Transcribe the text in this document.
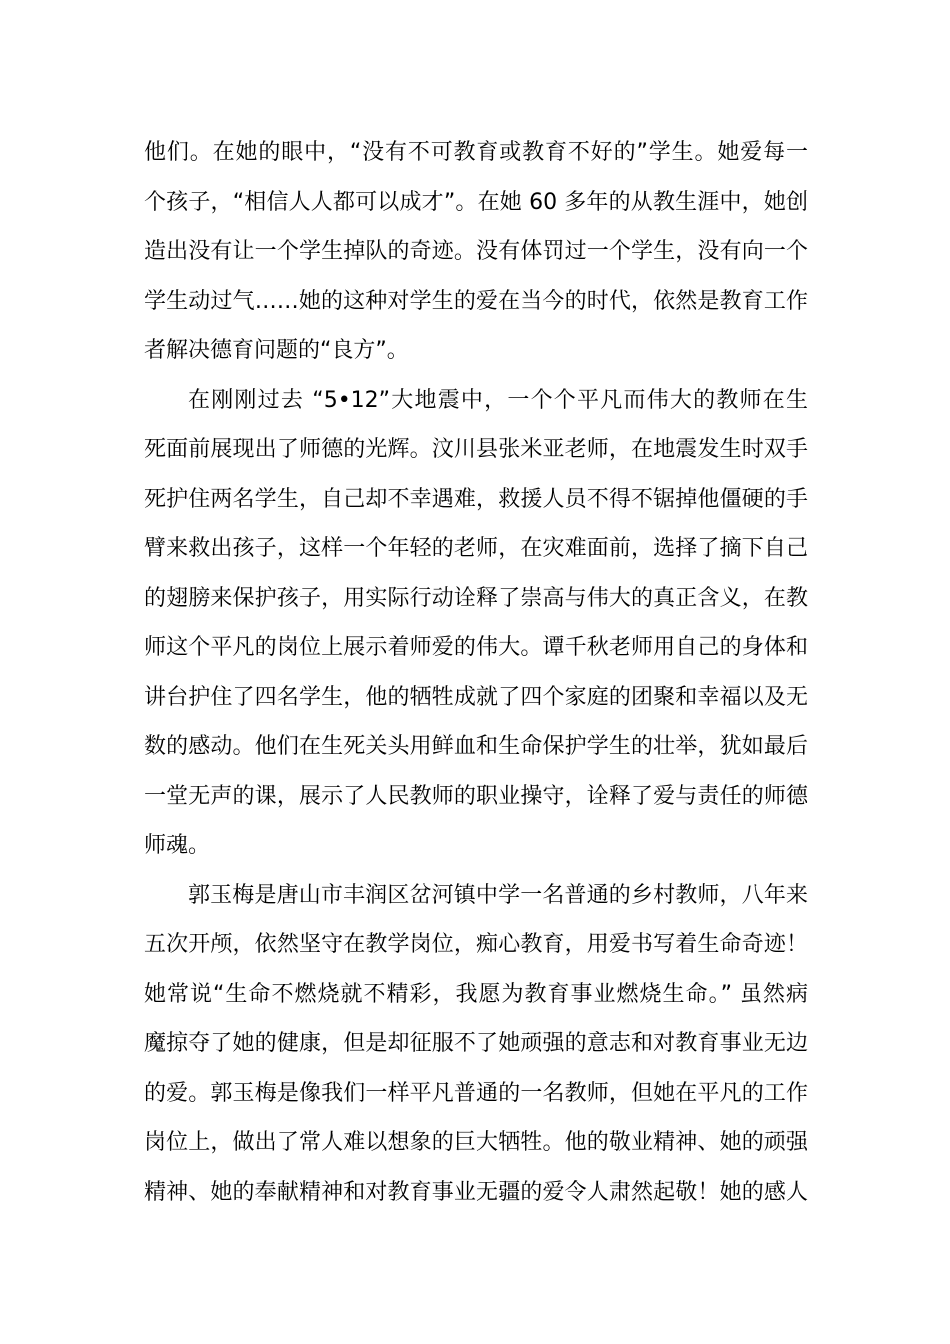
他们。在她的眼中，“没有不可教育或教育不好的”学生。她爱每一
个孩子，“相信人人都可以成才”。在她 60 多年的从教生涯中，她创
造出没有让一个学生掉队的奇迹。没有体罚过一个学生，没有向一个
学生动过气……她的这种对学生的爱在当今的时代，依然是教育工作
者解决德育问题的“良方”。
在刚刚过去 “5•12”大地震中，一个个平凡而伟大的教师在生
死面前展现出了师德的光辉。汶川县张米亚老师，在地震发生时双手
死护住两名学生，自己却不幸遇难，救援人员不得不锯掉他僵硬的手
臂来救出孩子，这样一个年轻的老师，在灾难面前，选择了摘下自己
的翅膀来保护孩子，用实际行动诠释了崇高与伟大的真正含义，在教
师这个平凡的岗位上展示着师爱的伟大。谭千秋老师用自己的身体和
讲台护住了四名学生，他的牺牲成就了四个家庭的团聚和幸福以及无
数的感动。他们在生死关头用鲜血和生命保护学生的壮举，犹如最后
一堂无声的课，展示了人民教师的职业操守，诠释了爱与责任的师德
师魂。
郭玉梅是唐山市丰润区岔河镇中学一名普通的乡村教师，八年来
五次开颅，依然坚守在教学岗位，痴心教育，用爱书写着生命奇迹！
她常说“生命不燃烧就不精彩，我愿为教育事业燃烧生命。” 虽然病
魔掠夺了她的健康，但是却征服不了她顽强的意志和对教育事业无边
的爱。郭玉梅是像我们一样平凡普通的一名教师，但她在平凡的工作
岗位上，做出了常人难以想象的巨大牺牲。他的敬业精神、她的顽强
精神、她的奉献精神和对教育事业无疆的爱令人肃然起敬！她的感人
